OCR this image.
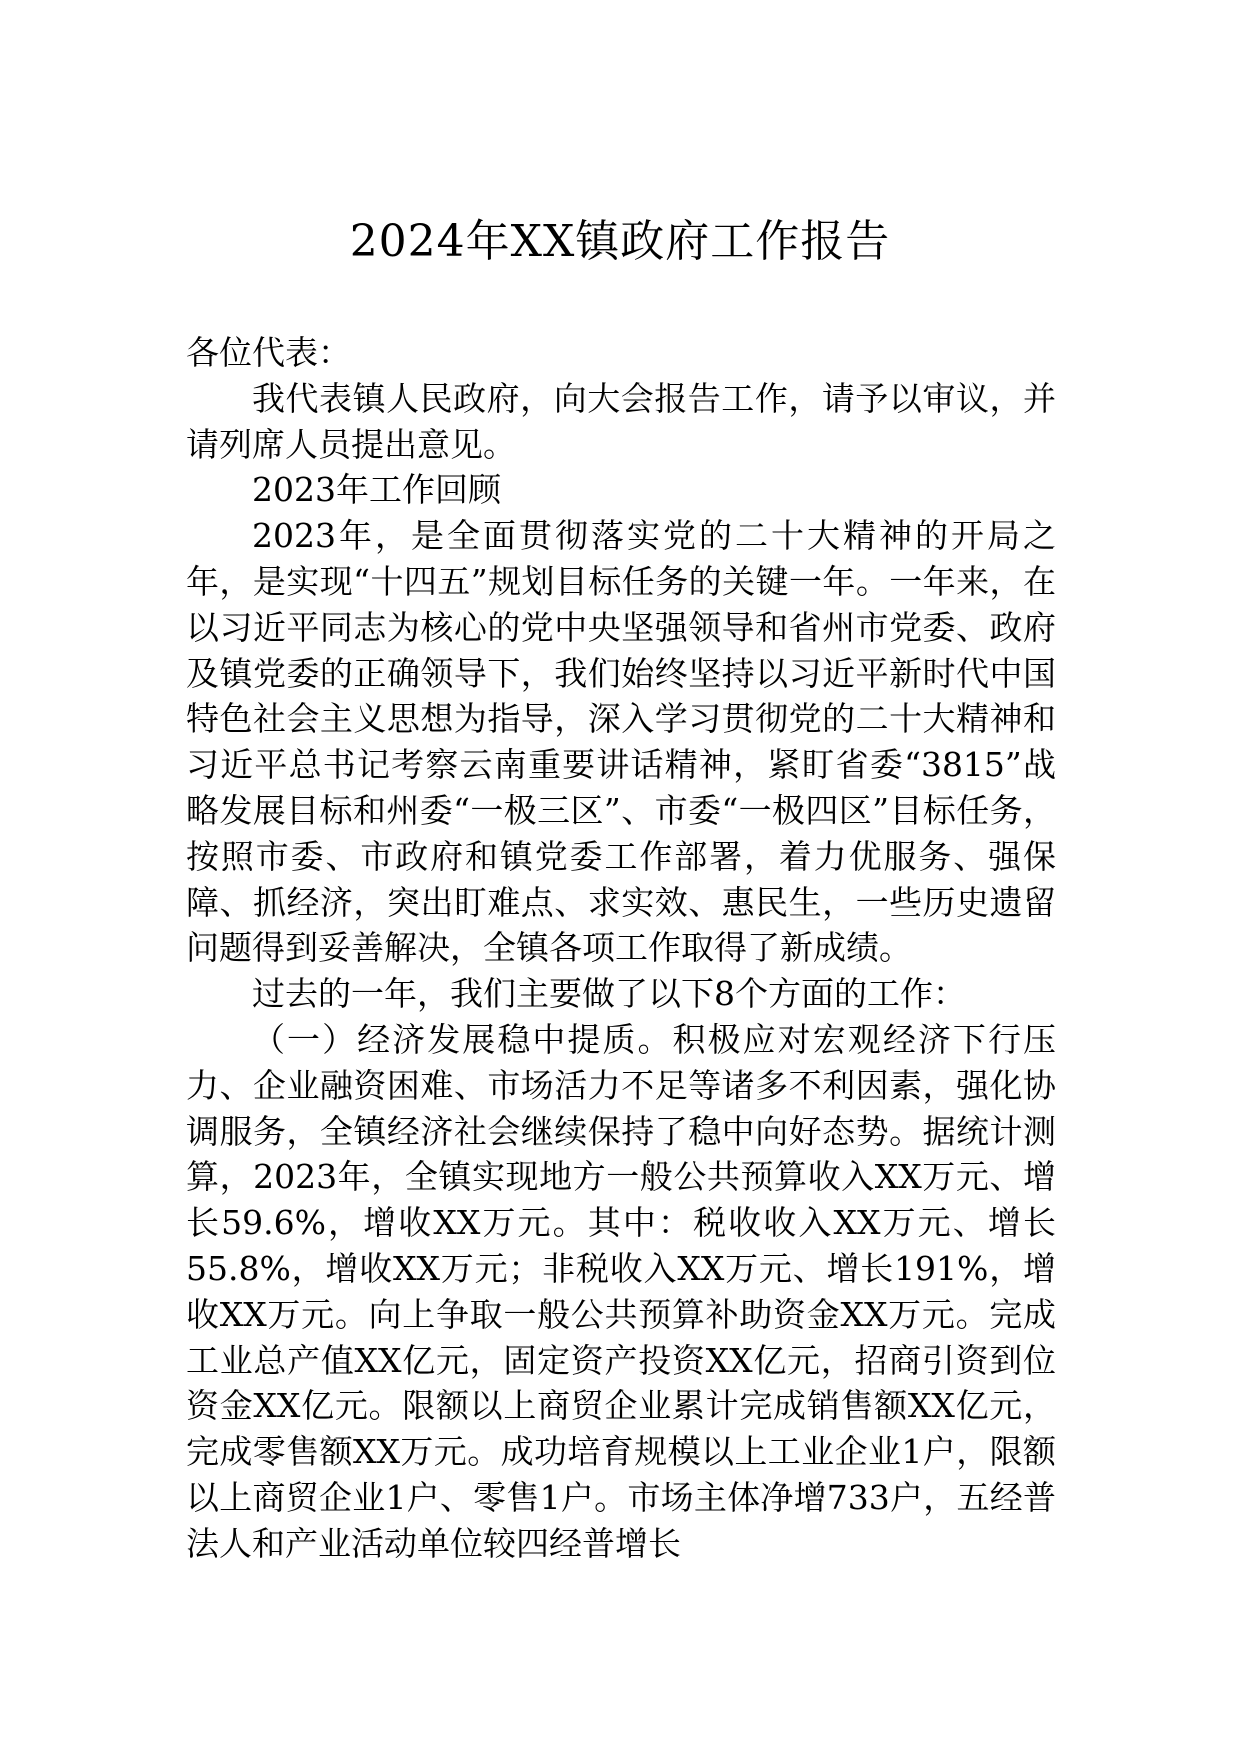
2024年XX镇政府工作报告

各位代表：

我代表镇人民政府，向大会报告工作，请予以审议，并请列席人员提出意见。

2023年工作回顾

2023年，是全面贯彻落实党的二十大精神的开局之年，是实现“十四五”规划目标任务的关键一年。一年来，在以习近平同志为核心的党中央坚强领导和省州市党委、政府及镇党委的正确领导下，我们始终坚持以习近平新时代中国特色社会主义思想为指导，深入学习贯彻党的二十大精神和习近平总书记考察云南重要讲话精神，紧盯省委“3815”战略发展目标和州委“一极三区”、市委“一极四区”目标任务，按照市委、市政府和镇党委工作部署，着力优服务、强保障、抓经济，突出盯难点、求实效、惠民生，一些历史遗留问题得到妥善解决，全镇各项工作取得了新成绩。

过去的一年，我们主要做了以下8个方面的工作：

（一）经济发展稳中提质。积极应对宏观经济下行压力、企业融资困难、市场活力不足等诸多不利因素，强化协调服务，全镇经济社会继续保持了稳中向好态势。据统计测算，2023年，全镇实现地方一般公共预算收入XX万元、增长59.6%，增收XX万元。其中：税收收入XX万元、增长55.8%，增收XX万元；非税收入XX万元、增长191%，增收XX万元。向上争取一般公共预算补助资金XX万元。完成工业总产值XX亿元，固定资产投资XX亿元，招商引资到位资金XX亿元。限额以上商贸企业累计完成销售额XX亿元，完成零售额XX万元。成功培育规模以上工业企业1户，限额以上商贸企业1户、零售1户。市场主体净增733户，五经普法人和产业活动单位较四经普增长
